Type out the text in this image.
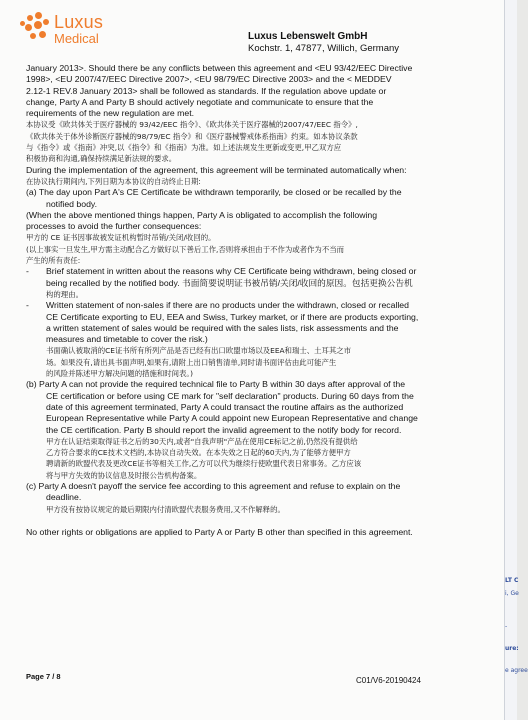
Luxus
Medical	Luxus Lebenswelt GmbH
Kochstr. 1, 47877, Willich, Germany

January 2013>. Should there be any conflicts between this agreement and <EU 93/42/EEC Directive

1998>, <EU 2007/47/EEC Directive 2007>, <EU 98/79/EC Directive 2003> and the < MEDDEV

2.12-1 REV.8 January 2013> shall be followed as standards. If the regulation above update or

change, Party A and Party B should actively negotiate and communicate to ensure that the

requirements of the new regulation are met.

本协议受《欧共体关于医疗器械的 93/42/EEC 指令》、《欧共体关于医疗器械的2007/47/EEC 指令》,

《欧共体关于体外诊断医疗器械的98/79/EC 指令》和《医疗器械警戒体系指南》约束。如本协议条款

与《指令》或《指南》冲突,以《指令》和《指南》为准。如上述法规发生更新或变更,甲乙双方应

积极协商和沟通,确保持续满足新法规的要求。

During the implementation of the agreement, this agreement will be terminated automatically when:

在协议执行期间内,下列日期为本协议的自动终止日期:

(a) The day upon Part A's CE Certificate be withdrawn temporarily, be closed or be recalled by the

notified body.

(When the above mentioned things happen, Party A is obligated to accomplish the following

processes to avoid the further consequences:

甲方的 CE 证书因事故被发证机构暂时吊销/关闭/收回的。

(以上事实一旦发生,甲方需主动配合乙方做好以下善后工作,否则将承担由于不作为或者作为不当而

产生的所有责任:

- Brief statement in written about the reasons why CE Certificate being withdrawn, being closed or

being recalled by the notified body. 书面简要说明证书被吊销/关闭/收回的原因。包括更换公告机

构的理由。

- Written statement of non-sales if there are no products under the withdrawn, closed or recalled

CE Certificate exporting to EU, EEA and Swiss, Turkey market, or if there are products exporting,

a written statement of sales would be required with the sales lists, risk assessments and the

measures and timetable to cover the risk.)

书面确认被取消的CE证书所有所列产品是否已经有出口欧盟市场以及EEA和瑞士、土耳其之市

场。如果没有,请出具书面声明,如果有,请附上出口销售清单,同时请书面评估由此可能产生

的风险并陈述甲方解决问题的措施和时间表。)

(b) Party A can not provide the required technical file to Party B within 30 days after approval of the

CE certification or before using CE mark for "self declaration" products. During 60 days from the

date of this agreement terminated, Party A could transact the routine affairs as the authorized

European Representative while Party A could appoint new European Representative and change

the CE certification. Party B should report the invalid agreement to the notify body for record.

甲方在认证结束取得证书之后的30天内,或者"自我声明"产品在使用CE标记之前,仍然没有提供给

乙方符合要求的CE技术文档的,本协议自动失效。在本失效之日起的60天内,为了能够方便甲方

聘请新的欧盟代表及更改CE证书等相关工作,乙方可以代为继续行使欧盟代表日常事务。乙方应该

将与甲方失效的协议信息及时报公告机构备案。

(c) Party A doesn't payoff the service fee according to this agreement and refuse to explain on the

deadline.

甲方没有按协议规定的最后期限内付清欧盟代表服务费用,又不作解释的。

No other rights or obligations are applied to Party A or Party B other than specified in this agreement.

Page 7 / 8	C01/V6-20190424
LT C
i, Ge
-
ure:
e agree
